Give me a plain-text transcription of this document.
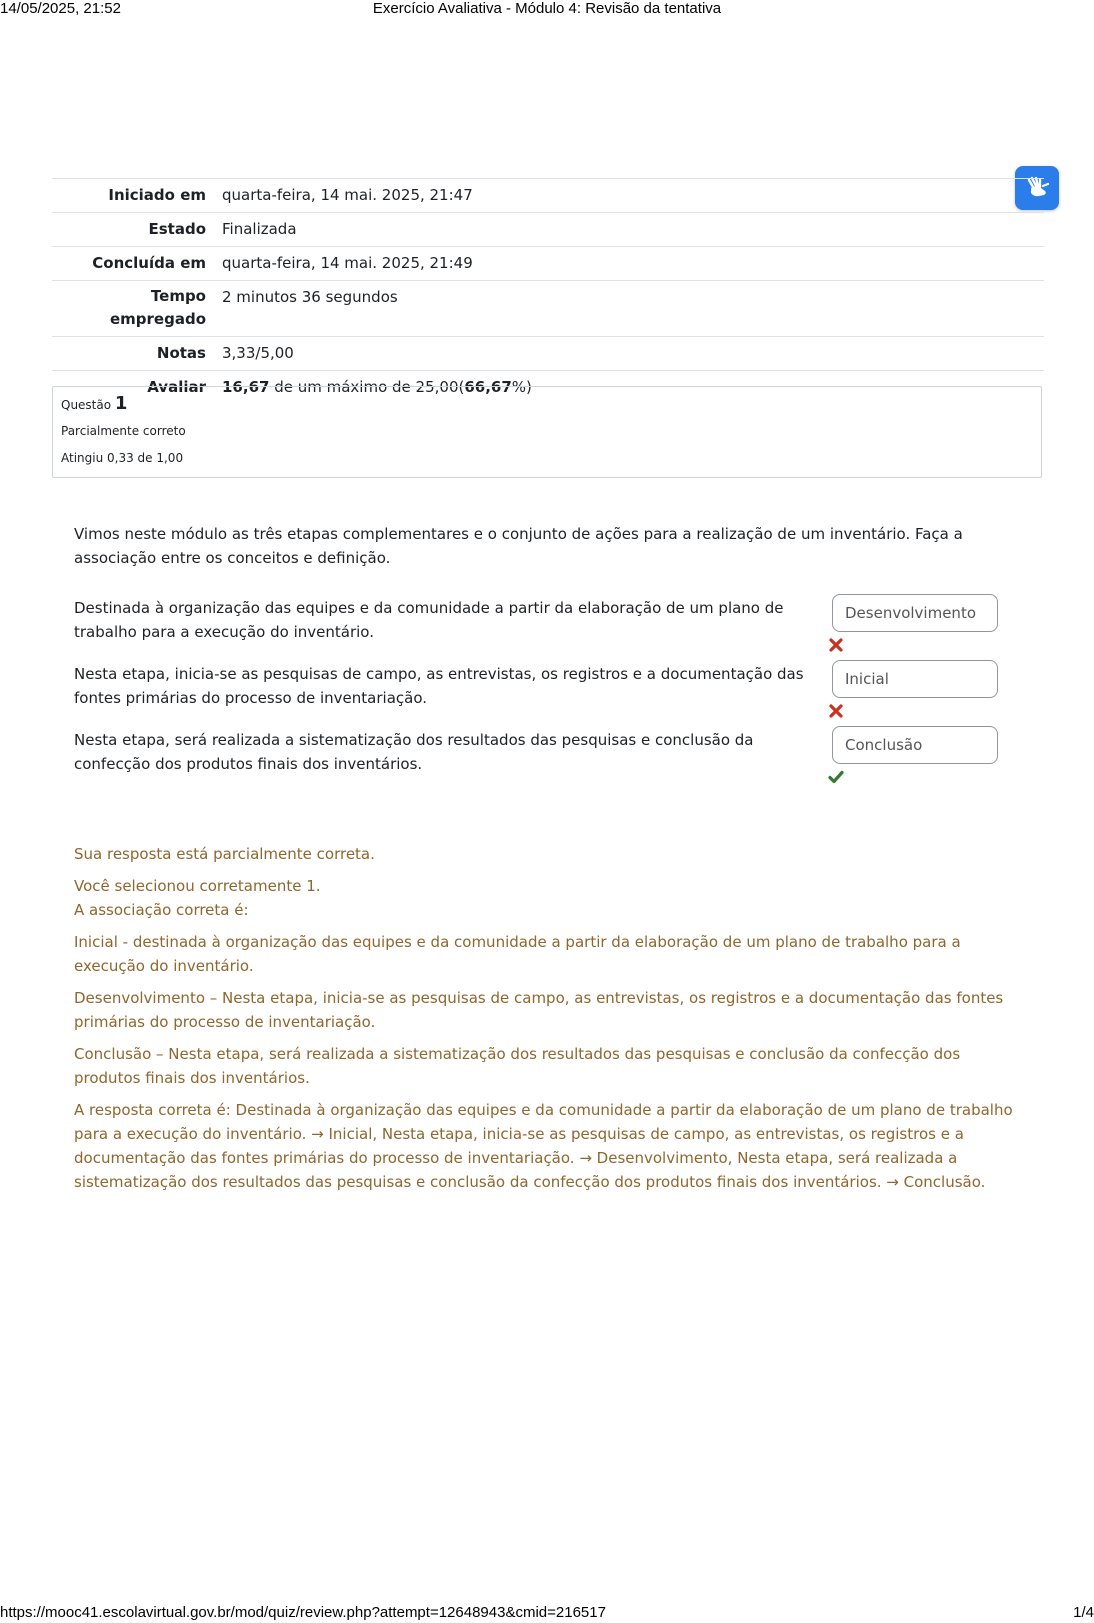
14/05/2025, 21:52	Exercício Avaliativa - Módulo 4: Revisão da tentativa
Iniciado em	quarta-feira, 14 mai. 2025, 21:47
Estado	Finalizada
Concluída em	quarta-feira, 14 mai. 2025, 21:49
Tempo
empregado	2 minutos 36 segundos
Notas	3,33/5,00
Avaliar	16,67 de um máximo de 25,00(66,67%)
Questão 1
Parcialmente correto
Atingiu 0,33 de 1,00
Vimos neste módulo as três etapas complementares e o conjunto de ações para a realização de um inventário. Faça a associação entre os conceitos e definição.
Destinada à organização das equipes e da comunidade a partir da elaboração de um plano de trabalho para a execução do inventário.
Desenvolvimento
Nesta etapa, inicia-se as pesquisas de campo, as entrevistas, os registros e a documentação das fontes primárias do processo de inventariação.
Inicial
Nesta etapa, será realizada a sistematização dos resultados das pesquisas e conclusão da confecção dos produtos finais dos inventários.
Conclusão

Sua resposta está parcialmente correta.

Você selecionou corretamente 1.

A associação correta é:

Inicial - destinada à organização das equipes e da comunidade a partir da elaboração de um plano de trabalho para a execução do inventário.

Desenvolvimento – Nesta etapa, inicia-se as pesquisas de campo, as entrevistas, os registros e a documentação das fontes primárias do processo de inventariação.

Conclusão – Nesta etapa, será realizada a sistematização dos resultados das pesquisas e conclusão da confecção dos produtos finais dos inventários.

A resposta correta é: Destinada à organização das equipes e da comunidade a partir da elaboração de um plano de trabalho para a execução do inventário. → Inicial, Nesta etapa, inicia-se as pesquisas de campo, as entrevistas, os registros e a documentação das fontes primárias do processo de inventariação. → Desenvolvimento, Nesta etapa, será realizada a sistematização dos resultados das pesquisas e conclusão da confecção dos produtos finais dos inventários. → Conclusão.

https://mooc41.escolavirtual.gov.br/mod/quiz/review.php?attempt=12648943&cmid=216517	1/4
